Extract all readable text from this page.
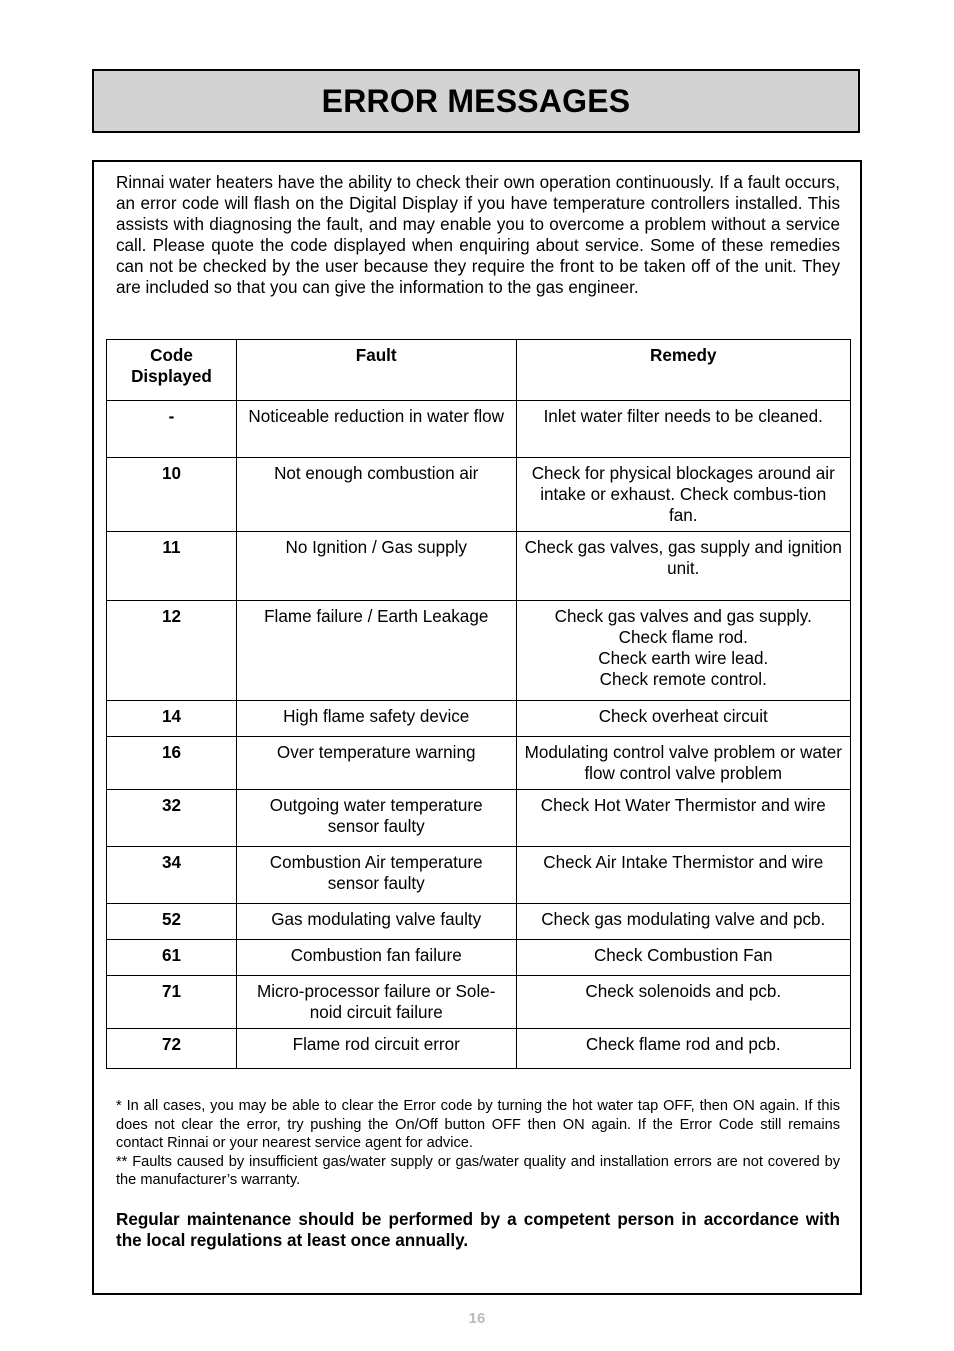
ERROR MESSAGES

Rinnai water heaters have the ability to check their own operation continuously. If a fault occurs, an error code will flash on the Digital Display if you have temperature controllers installed. This assists with diagnosing the fault, and may enable you to overcome a problem without a service call. Please quote the code displayed when enquiring about service. Some of these remedies can not be checked by the user because they require the front to be taken off of the unit. They are included so that you can give the information to the gas engineer.

Code Displayed	Fault	Remedy
-	Noticeable reduction in water flow	Inlet water filter needs to be cleaned.

10	Not enough combustion air	Check for physical blockages around air intake or exhaust. Check combus-tion fan.

11	No Ignition / Gas supply	Check gas valves, gas supply and ignition unit.

12	Flame failure / Earth Leakage	Check gas valves and gas supply.
Check flame rod.
Check earth wire lead.
Check remote control.

14	High flame safety device	Check overheat circuit

16	Over temperature warning	Modulating control valve problem or water flow control valve problem

32	Outgoing water temperature sensor faulty	Check Hot Water Thermistor and wire

34	Combustion Air temperature sensor faulty	Check Air Intake Thermistor and wire

52	Gas modulating valve faulty	Check gas modulating valve and pcb.

61	Combustion fan failure	Check Combustion Fan

71	Micro-processor failure or Sole-noid circuit failure	Check solenoids and pcb.

72	Flame rod circuit error	Check flame rod and pcb.

* In all cases, you may be able to clear the Error code by turning the hot water tap OFF, then ON again. If this does not clear the error, try pushing the On/Off button OFF then ON again. If the Error Code still remains contact Rinnai or your nearest service agent for advice.

** Faults caused by insufficient gas/water supply or gas/water quality and installation errors are not covered by the manufacturer’s warranty.

Regular maintenance should be performed by a competent person in accordance with the local regulations at least once annually.

16
